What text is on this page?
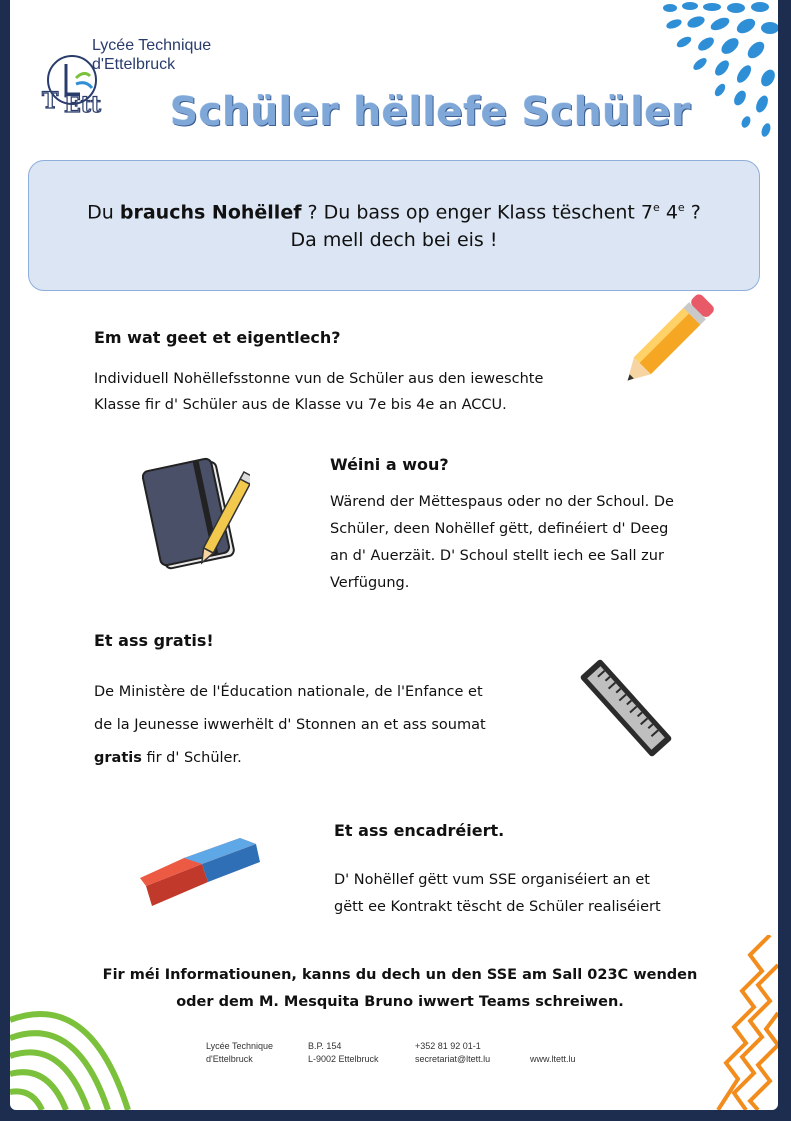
T Ett
Lycée Technique
d'Ettelbruck
Schüler hëllefe Schüler
Du brauchs Nohëllef ? Du bass op enger Klass tëschent 7e 4e ?
Da mell dech bei eis !
Em wat geet et eigentlech?
Individuell Nohëllefsstonne vun de Schüler aus den ieweschte
Klasse fir d' Schüler aus de Klasse vu 7e bis 4e an ACCU.
Wéini a wou?
Wärend der Mëttespaus oder no der Schoul. De
Schüler, deen Nohëllef gëtt, definéiert d' Deeg
an d' Auerzäit. D' Schoul stellt iech ee Sall zur
Verfügung.
Et ass gratis!
De Ministère de l'Éducation nationale, de l'Enfance et
de la Jeunesse iwwerhëlt d' Stonnen an et ass soumat
gratis fir d' Schüler.
Et ass encadréiert.
D' Nohëllef gëtt vum SSE organiséiert an et
gëtt ee Kontrakt tëscht de Schüler realiséiert
Fir méi Informatiounen, kanns du dech un den SSE am Sall 023C wenden
oder dem M. Mesquita Bruno iwwert Teams schreiwen.
Lycée Technique
d'Ettelbruck
B.P. 154
L-9002 Ettelbruck
+352 81 92 01-1
secretariat@ltett.lu	www.ltett.lu
